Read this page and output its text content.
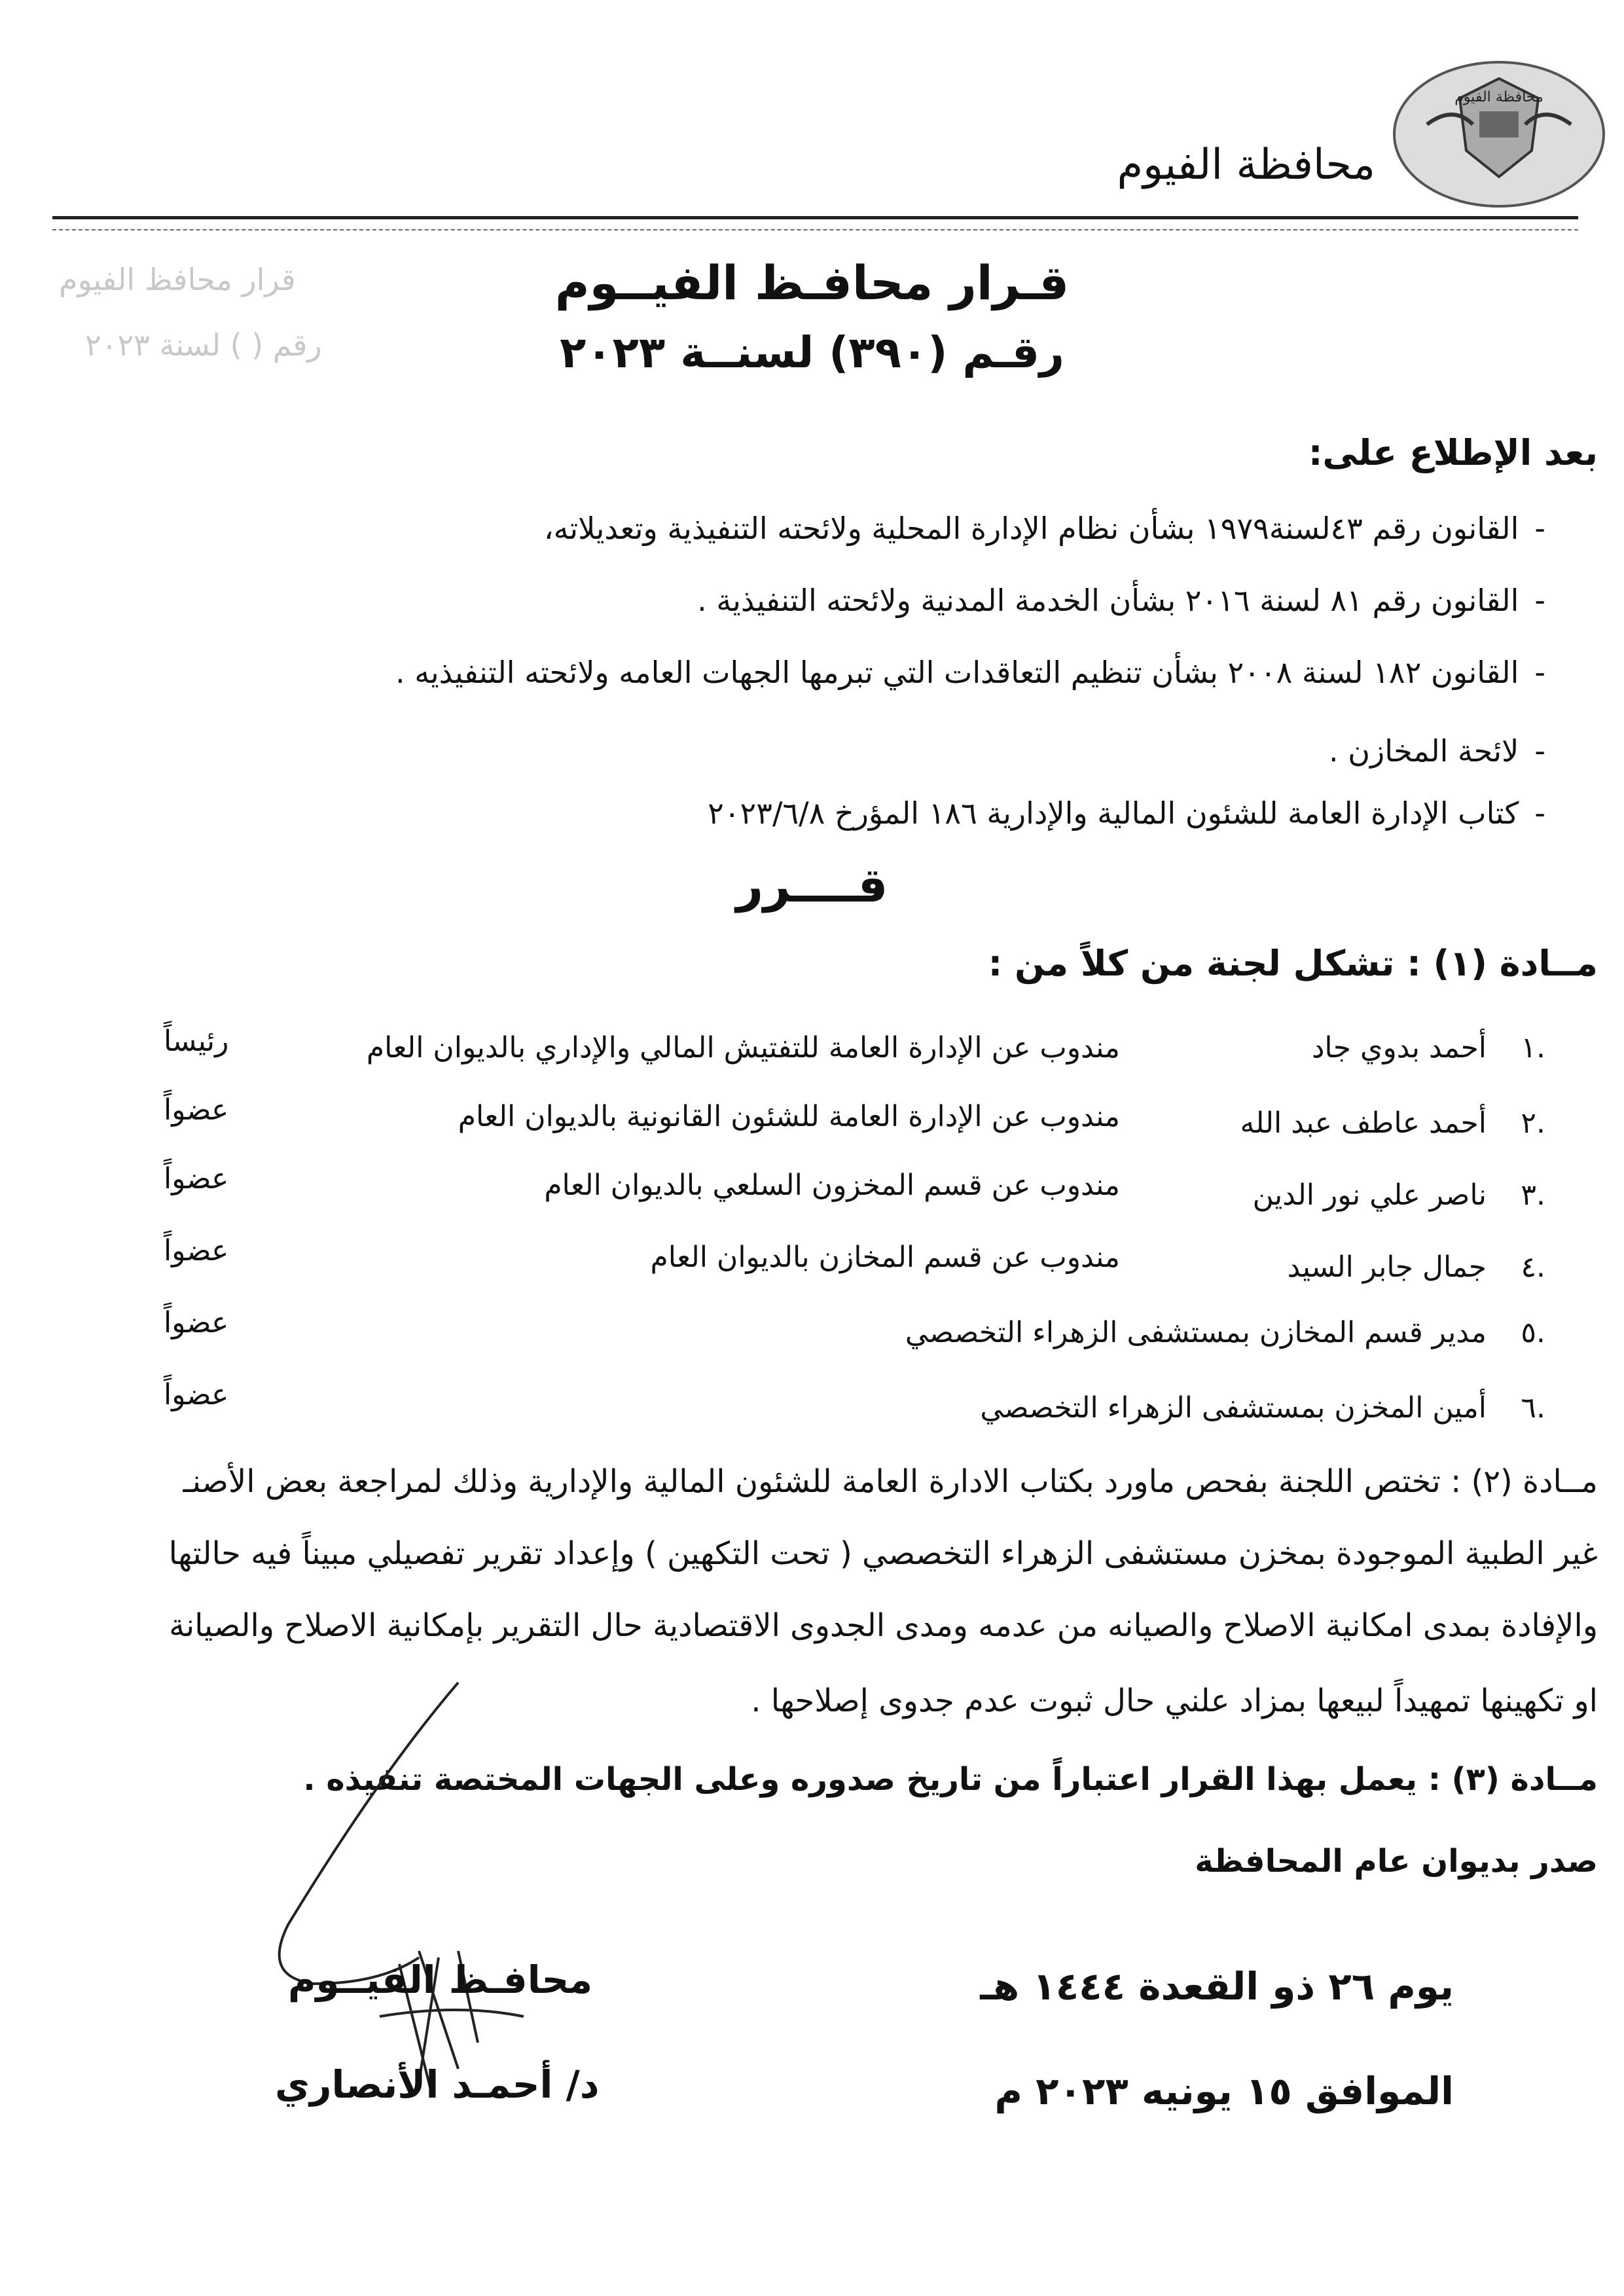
محافظة الفيوم
محافظة الفيوم
قرار محافظ الفيوم
رقم ( ) لسنة ٢٠٢٣
قـرار محافـظ الفيــوم
رقـم (٣٩٠) لسنــة ٢٠٢٣
بعد الإطلاع على:
-القانون رقم ٤٣لسنة١٩٧٩ بشأن نظام الإدارة المحلية ولائحته التنفيذية وتعديلاته،
-القانون رقم ٨١ لسنة ٢٠١٦ بشأن الخدمة المدنية ولائحته التنفيذية .
-القانون ١٨٢ لسنة ٢٠٠٨ بشأن تنظيم التعاقدات التي تبرمها الجهات العامه ولائحته التنفيذيه .
-لائحة المخازن .
-كتاب الإدارة العامة للشئون المالية والإدارية ١٨٦ المؤرخ ٢٠٢٣/٦/٨
قــــرر
مــادة (١) : تشكل لجنة من كلاً من :
١.
أحمد بدوي جاد
مندوب عن الإدارة العامة للتفتيش المالي والإداري بالديوان العام
رئيساً
٢.
أحمد عاطف عبد الله
مندوب عن الإدارة العامة للشئون القانونية بالديوان العام
عضواً
٣.
ناصر علي نور الدين
مندوب عن قسم المخزون السلعي بالديوان العام
عضواً
٤.
جمال جابر السيد
مندوب عن قسم المخازن بالديوان العام
عضواً
٥.
مدير قسم المخازن بمستشفى الزهراء التخصصي
عضواً
٦.
أمين المخزن بمستشفى الزهراء التخصصي
عضواً
مــادة (٢) : تختص اللجنة بفحص ماورد بكتاب الادارة العامة للشئون المالية والإدارية وذلك لمراجعة بعض الأصنـ
غير الطبية الموجودة بمخزن مستشفى الزهراء التخصصي ( تحت التكهين ) وإعداد تقرير تفصيلي مبيناً فيه حالتها
والإفادة بمدى امكانية الاصلاح والصيانه من عدمه ومدى الجدوى الاقتصادية حال التقرير بإمكانية الاصلاح والصيانة
او تكهينها تمهيداً لبيعها بمزاد علني حال ثبوت عدم جدوى إصلاحها .
مــادة (٣) : يعمل بهذا القرار اعتباراً من تاريخ صدوره وعلى الجهات المختصة تنفيذه .
صدر بديوان عام المحافظة
يوم ٢٦ ذو القعدة ١٤٤٤ هـ
الموافق ١٥ يونيه ٢٠٢٣ م
محافـظ الفيــوم
د/ أحمـد الأنصاري
